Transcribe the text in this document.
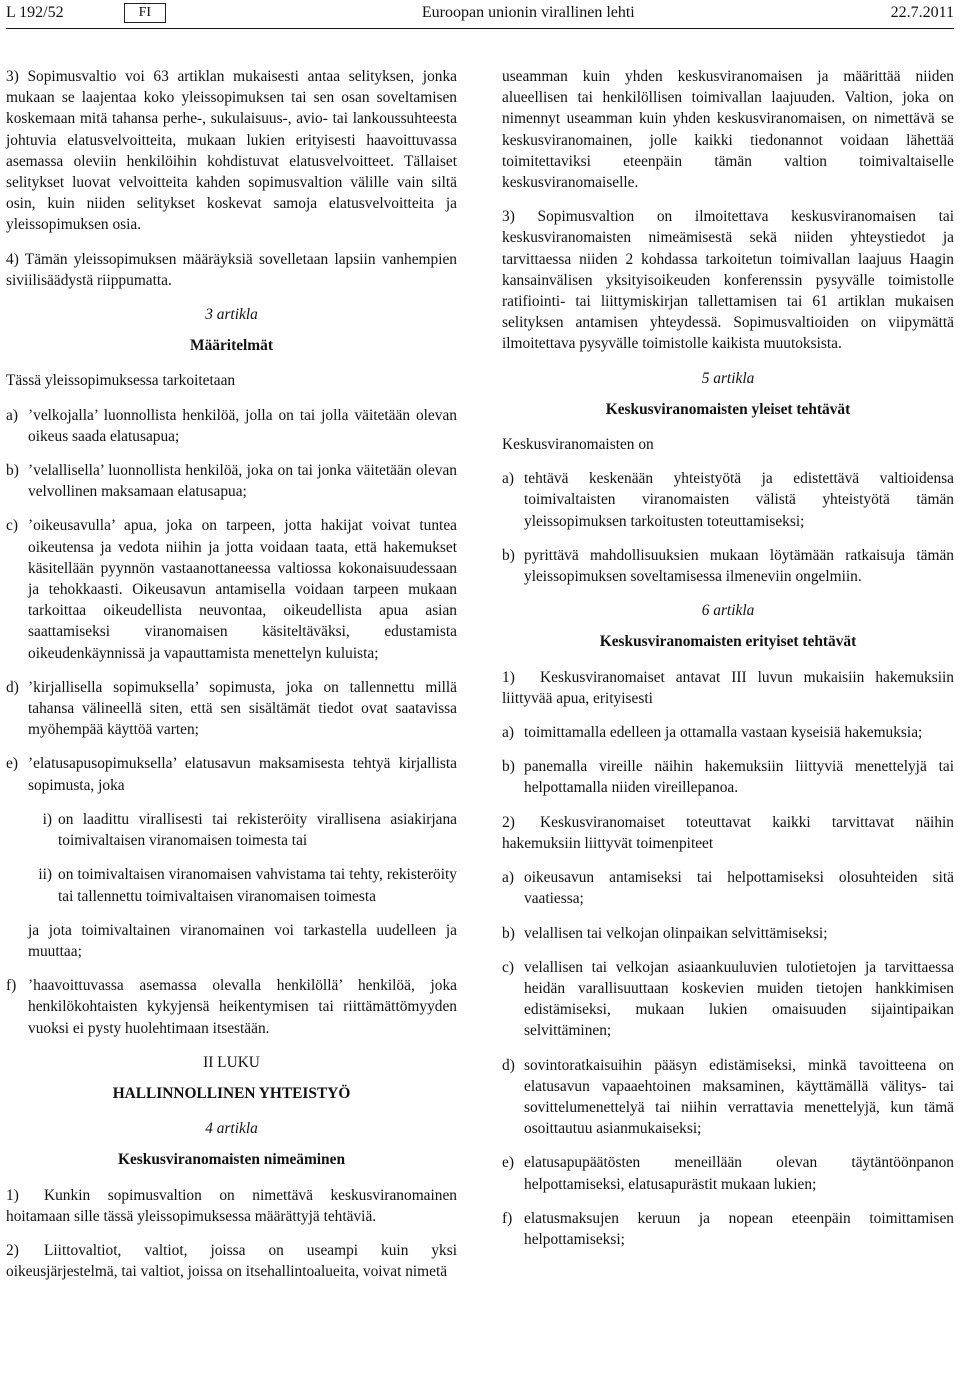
L 192/52	FI	Euroopan unionin virallinen lehti	22.7.2011

3) Sopimusvaltio voi 63 artiklan mukaisesti antaa selityksen, jonka mukaan se laajentaa koko yleissopimuksen tai sen osan soveltamisen koskemaan mitä tahansa perhe-, sukulaisuus-, avio- tai lankoussuhteesta johtuvia elatusvelvoitteita, mukaan lukien erityisesti haavoittuvassa asemassa oleviin henkilöihin kohdistuvat elatusvelvoitteet. Tällaiset selitykset luovat velvoitteita kahden sopimusvaltion välille vain siltä osin, kuin niiden selitykset koskevat samoja elatusvelvoitteita ja yleissopimuksen osia.

4) Tämän yleissopimuksen määräyksiä sovelletaan lapsiin vanhempien siviilisäädystä riippumatta.

3 artikla
Määritelmät

Tässä yleissopimuksessa tarkoitetaan

a) ’velkojalla’ luonnollista henkilöä, jolla on tai jolla väitetään olevan oikeus saada elatusapua;
b) ’velallisella’ luonnollista henkilöä, joka on tai jonka väitetään olevan velvollinen maksamaan elatusapua;
c) ’oikeusavulla’ apua, joka on tarpeen, jotta hakijat voivat tuntea oikeutensa ja vedota niihin ja jotta voidaan taata, että hakemukset käsitellään pyynnön vastaanottaneessa valtiossa kokonaisuudessaan ja tehokkaasti. Oikeusavun antamisella voidaan tarpeen mukaan tarkoittaa oikeudellista neuvontaa, oikeudellista apua asian saattamiseksi viranomaisen käsiteltäväksi, edustamista oikeudenkäynnissä ja vapauttamista menettelyn kuluista;
d) ’kirjallisella sopimuksella’ sopimusta, joka on tallennettu millä tahansa välineellä siten, että sen sisältämät tiedot ovat saatavissa myöhempää käyttöä varten;
e) ’elatusapusopimuksella’ elatusavun maksamisesta tehtyä kirjallista sopimusta, joka
i) on laadittu virallisesti tai rekisteröity virallisena asiakirjana toimivaltaisen viranomaisen toimesta tai
ii) on toimivaltaisen viranomaisen vahvistama tai tehty, rekisteröity tai tallennettu toimivaltaisen viranomaisen toimesta

ja jota toimivaltainen viranomainen voi tarkastella uudelleen ja muuttaa;

f) ’haavoittuvassa asemassa olevalla henkilöllä’ henkilöä, joka henkilökohtaisten kykyjensä heikentymisen tai riittämättömyyden vuoksi ei pysty huolehtimaan itsestään.
II LUKU
HALLINNOLLINEN YHTEISTYÖ
4 artikla
Keskusviranomaisten nimeäminen

1) Kunkin sopimusvaltion on nimettävä keskusviranomainen hoitamaan sille tässä yleissopimuksessa määrättyjä tehtäviä.

2) Liittovaltiot, valtiot, joissa on useampi kuin yksi oikeusjärjestelmä, tai valtiot, joissa on itsehallintoalueita, voivat nimetä

useamman kuin yhden keskusviranomaisen ja määrittää niiden alueellisen tai henkilöllisen toimivallan laajuuden. Valtion, joka on nimennyt useamman kuin yhden keskusviranomaisen, on nimettävä se keskusviranomainen, jolle kaikki tiedonannot voidaan lähettää toimitettaviksi eteenpäin tämän valtion toimivaltaiselle keskusviranomaiselle.

3) Sopimusvaltion on ilmoitettava keskusviranomaisen tai keskusviranomaisten nimeämisestä sekä niiden yhteystiedot ja tarvittaessa niiden 2 kohdassa tarkoitetun toimivallan laajuus Haagin kansainvälisen yksityisoikeuden konferenssin pysyvälle toimistolle ratifiointi- tai liittymiskirjan tallettamisen tai 61 artiklan mukaisen selityksen antamisen yhteydessä. Sopimusvaltioiden on viipymättä ilmoitettava pysyvälle toimistolle kaikista muutoksista.

5 artikla
Keskusviranomaisten yleiset tehtävät

Keskusviranomaisten on

a) tehtävä keskenään yhteistyötä ja edistettävä valtioidensa toimivaltaisten viranomaisten välistä yhteistyötä tämän yleissopimuksen tarkoitusten toteuttamiseksi;
b) pyrittävä mahdollisuuksien mukaan löytämään ratkaisuja tämän yleissopimuksen soveltamisessa ilmeneviin ongelmiin.
6 artikla
Keskusviranomaisten erityiset tehtävät

1) Keskusviranomaiset antavat III luvun mukaisiin hakemuksiin liittyvää apua, erityisesti

a) toimittamalla edelleen ja ottamalla vastaan kyseisiä hakemuksia;
b) panemalla vireille näihin hakemuksiin liittyviä menettelyjä tai helpottamalla niiden vireillepanoa.

2) Keskusviranomaiset toteuttavat kaikki tarvittavat näihin hakemuksiin liittyvät toimenpiteet

a) oikeusavun antamiseksi tai helpottamiseksi olosuhteiden sitä vaatiessa;
b) velallisen tai velkojan olinpaikan selvittämiseksi;
c) velallisen tai velkojan asiaankuuluvien tulotietojen ja tarvittaessa heidän varallisuuttaan koskevien muiden tietojen hankkimisen edistämiseksi, mukaan lukien omaisuuden sijaintipaikan selvittäminen;
d) sovintoratkaisuihin pääsyn edistämiseksi, minkä tavoitteena on elatusavun vapaaehtoinen maksaminen, käyttämällä välitys- tai sovittelumenettelyä tai niihin verrattavia menettelyjä, kun tämä osoittautuu asianmukaiseksi;
e) elatusapupäätösten meneillään olevan täytäntöönpanon helpottamiseksi, elatusapurästit mukaan lukien;
f) elatusmaksujen keruun ja nopean eteenpäin toimittamisen helpottamiseksi;
